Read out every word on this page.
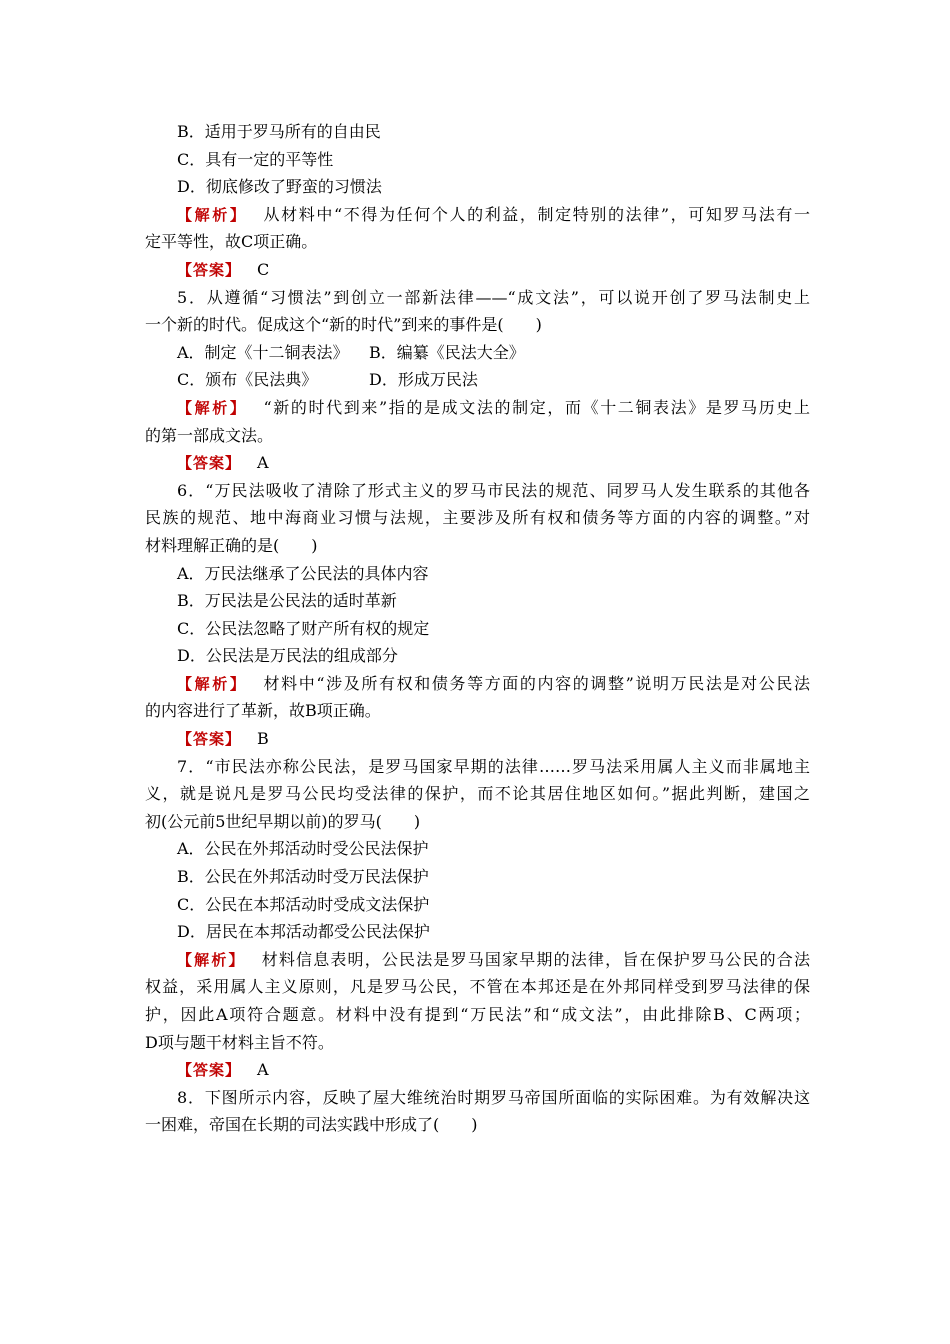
B．适用于罗马所有的自由民
C．具有一定的平等性
D．彻底修改了野蛮的习惯法
【解析】 从材料中“不得为任何个人的利益，制定特别的法律”，可知罗马法有一
定平等性，故C项正确。
【答案】 C
5．从遵循“习惯法”到创立一部新法律——“成文法”，可以说开创了罗马法制史上
一个新的时代。促成这个“新的时代”到来的事件是(　　)
A．制定《十二铜表法》 B．编纂《民法大全》
C．颁布《民法典》	D．形成万民法
【解析】 “新的时代到来”指的是成文法的制定，而《十二铜表法》是罗马历史上
的第一部成文法。
【答案】 A
6．“万民法吸收了清除了形式主义的罗马市民法的规范、同罗马人发生联系的其他各
民族的规范、地中海商业习惯与法规，主要涉及所有权和债务等方面的内容的调整。”对
材料理解正确的是(　　)
A．万民法继承了公民法的具体内容
B．万民法是公民法的适时革新
C．公民法忽略了财产所有权的规定
D．公民法是万民法的组成部分
【解析】 材料中“涉及所有权和债务等方面的内容的调整”说明万民法是对公民法
的内容进行了革新，故B项正确。
【答案】 B
7．“市民法亦称公民法，是罗马国家早期的法律……罗马法采用属人主义而非属地主
义，就是说凡是罗马公民均受法律的保护，而不论其居住地区如何。”据此判断，建国之
初(公元前5世纪早期以前)的罗马(　　)
A．公民在外邦活动时受公民法保护
B．公民在外邦活动时受万民法保护
C．公民在本邦活动时受成文法保护
D．居民在本邦活动都受公民法保护
【解析】 材料信息表明，公民法是罗马国家早期的法律，旨在保护罗马公民的合法
权益，采用属人主义原则，凡是罗马公民，不管在本邦还是在外邦同样受到罗马法律的保
护，因此A项符合题意。材料中没有提到“万民法”和“成文法”，由此排除B、C两项；
D项与题干材料主旨不符。
【答案】 A
8．下图所示内容，反映了屋大维统治时期罗马帝国所面临的实际困难。为有效解决这
一困难，帝国在长期的司法实践中形成了(　　)
